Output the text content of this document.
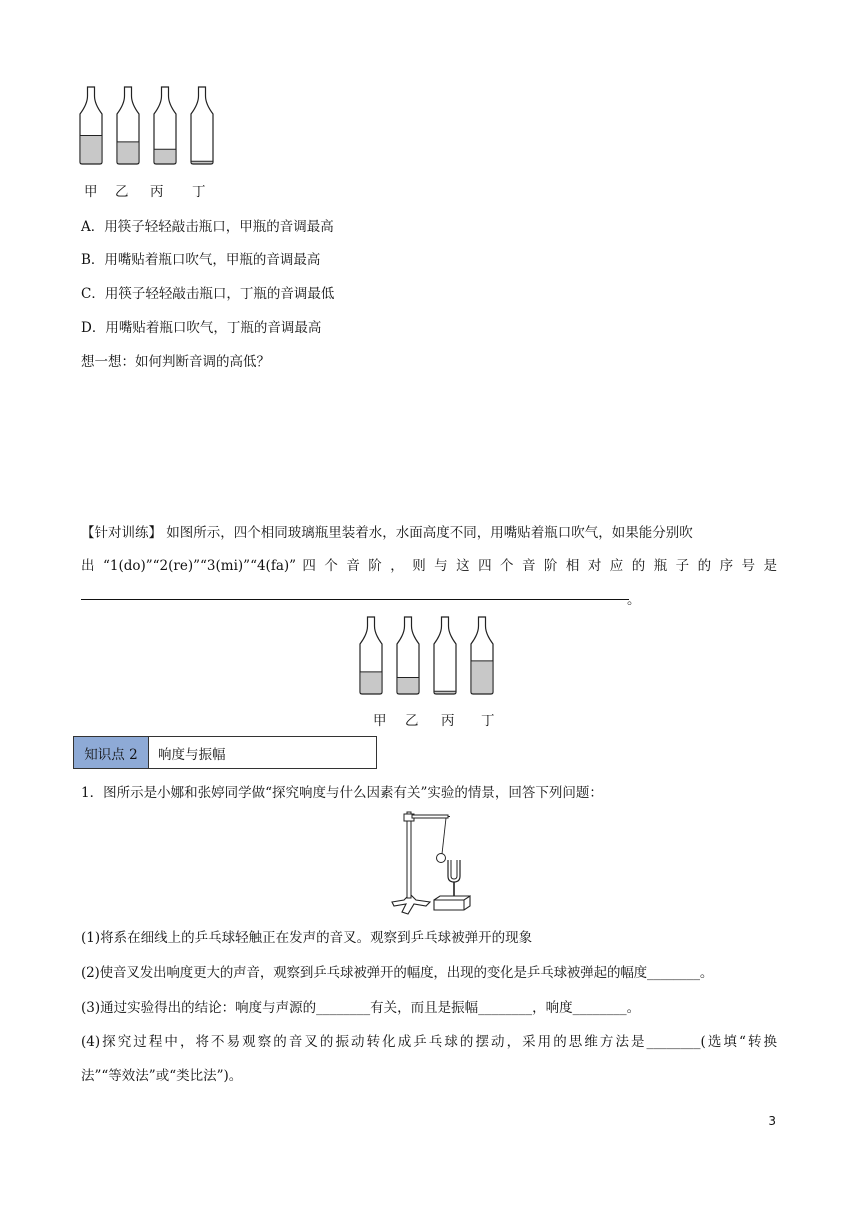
甲 乙 丙 丁
A．用筷子轻轻敲击瓶口，甲瓶的音调最高
B．用嘴贴着瓶口吹气，甲瓶的音调最高
C．用筷子轻轻敲击瓶口，丁瓶的音调最低
D．用嘴贴着瓶口吹气，丁瓶的音调最高
想一想：如何判断音调的高低？
【针对训练】 如图所示，四个相同玻璃瓶里装着水，水面高度不同，用嘴贴着瓶口吹气，如果能分别吹
出 “1(do)”“2(re)”“3(mi)”“4(fa)” 四 个 音 阶 ， 则 与 这 四 个 音 阶 相 对 应 的 瓶 子 的 序 号 是
。
甲 乙 丙 丁
知识点 2	响度与振幅
1．图所示是小娜和张婷同学做“探究响度与什么因素有关”实验的情景，回答下列问题：
(1)将系在细线上的乒乓球轻触正在发声的音叉。观察到乒乓球被弹开的现象
(2)使音叉发出响度更大的声音，观察到乒乓球被弹开的幅度，出现的变化是乒乓球被弹起的幅度________。
(3)通过实验得出的结论：响度与声源的________有关，而且是振幅________，响度________。
(4)探究过程中，将不易观察的音叉的振动转化成乒乓球的摆动，采用的思维方法是________(选填“转换
法”“等效法”或“类比法”)。
3
